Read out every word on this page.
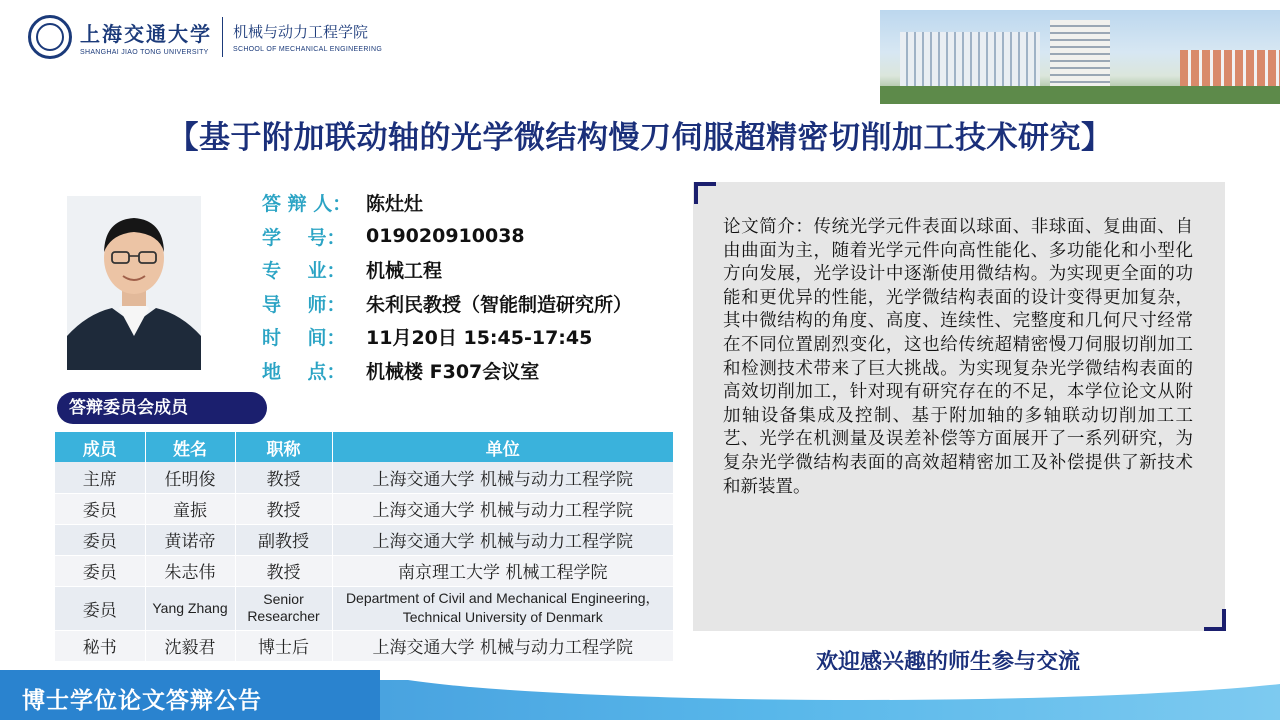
上海交通大学
SHANGHAI JIAO TONG UNIVERSITY
机械与动力工程学院
SCHOOL OF MECHANICAL ENGINEERING
【基于附加联动轴的光学微结构慢刀伺服超精密切削加工技术研究】
答 辩 人： 陈灶灶
学    号：	019020910038
专    业：	机械工程
导    师：	朱利民教授（智能制造研究所）
时    间：	11月20日 15:45-17:45
地    点：	机械楼 F307会议室
答辩委员会成员
成员	姓名	职称	单位
主席	任明俊	教授	上海交通大学 机械与动力工程学院
委员	童振	教授	上海交通大学 机械与动力工程学院
委员	黄诺帝	副教授	上海交通大学 机械与动力工程学院
委员	朱志伟	教授	南京理工大学 机械工程学院
委员	Yang Zhang	Senior Researcher	Department of Civil and Mechanical Engineering，Technical University of Denmark
秘书	沈毅君	博士后	上海交通大学 机械与动力工程学院
论文简介：传统光学元件表面以球面、非球面、复曲面、自由曲面为主，随着光学元件向高性能化、多功能化和小型化方向发展，光学设计中逐渐使用微结构。为实现更全面的功能和更优异的性能，光学微结构表面的设计变得更加复杂，其中微结构的角度、高度、连续性、完整度和几何尺寸经常在不同位置剧烈变化，这也给传统超精密慢刀伺服切削加工和检测技术带来了巨大挑战。为实现复杂光学微结构表面的高效切削加工，针对现有研究存在的不足，本学位论文从附加轴设备集成及控制、基于附加轴的多轴联动切削加工工艺、光学在机测量及误差补偿等方面展开了一系列研究，为复杂光学微结构表面的高效超精密加工及补偿提供了新技术和新装置。
欢迎感兴趣的师生参与交流
博士学位论文答辩公告
